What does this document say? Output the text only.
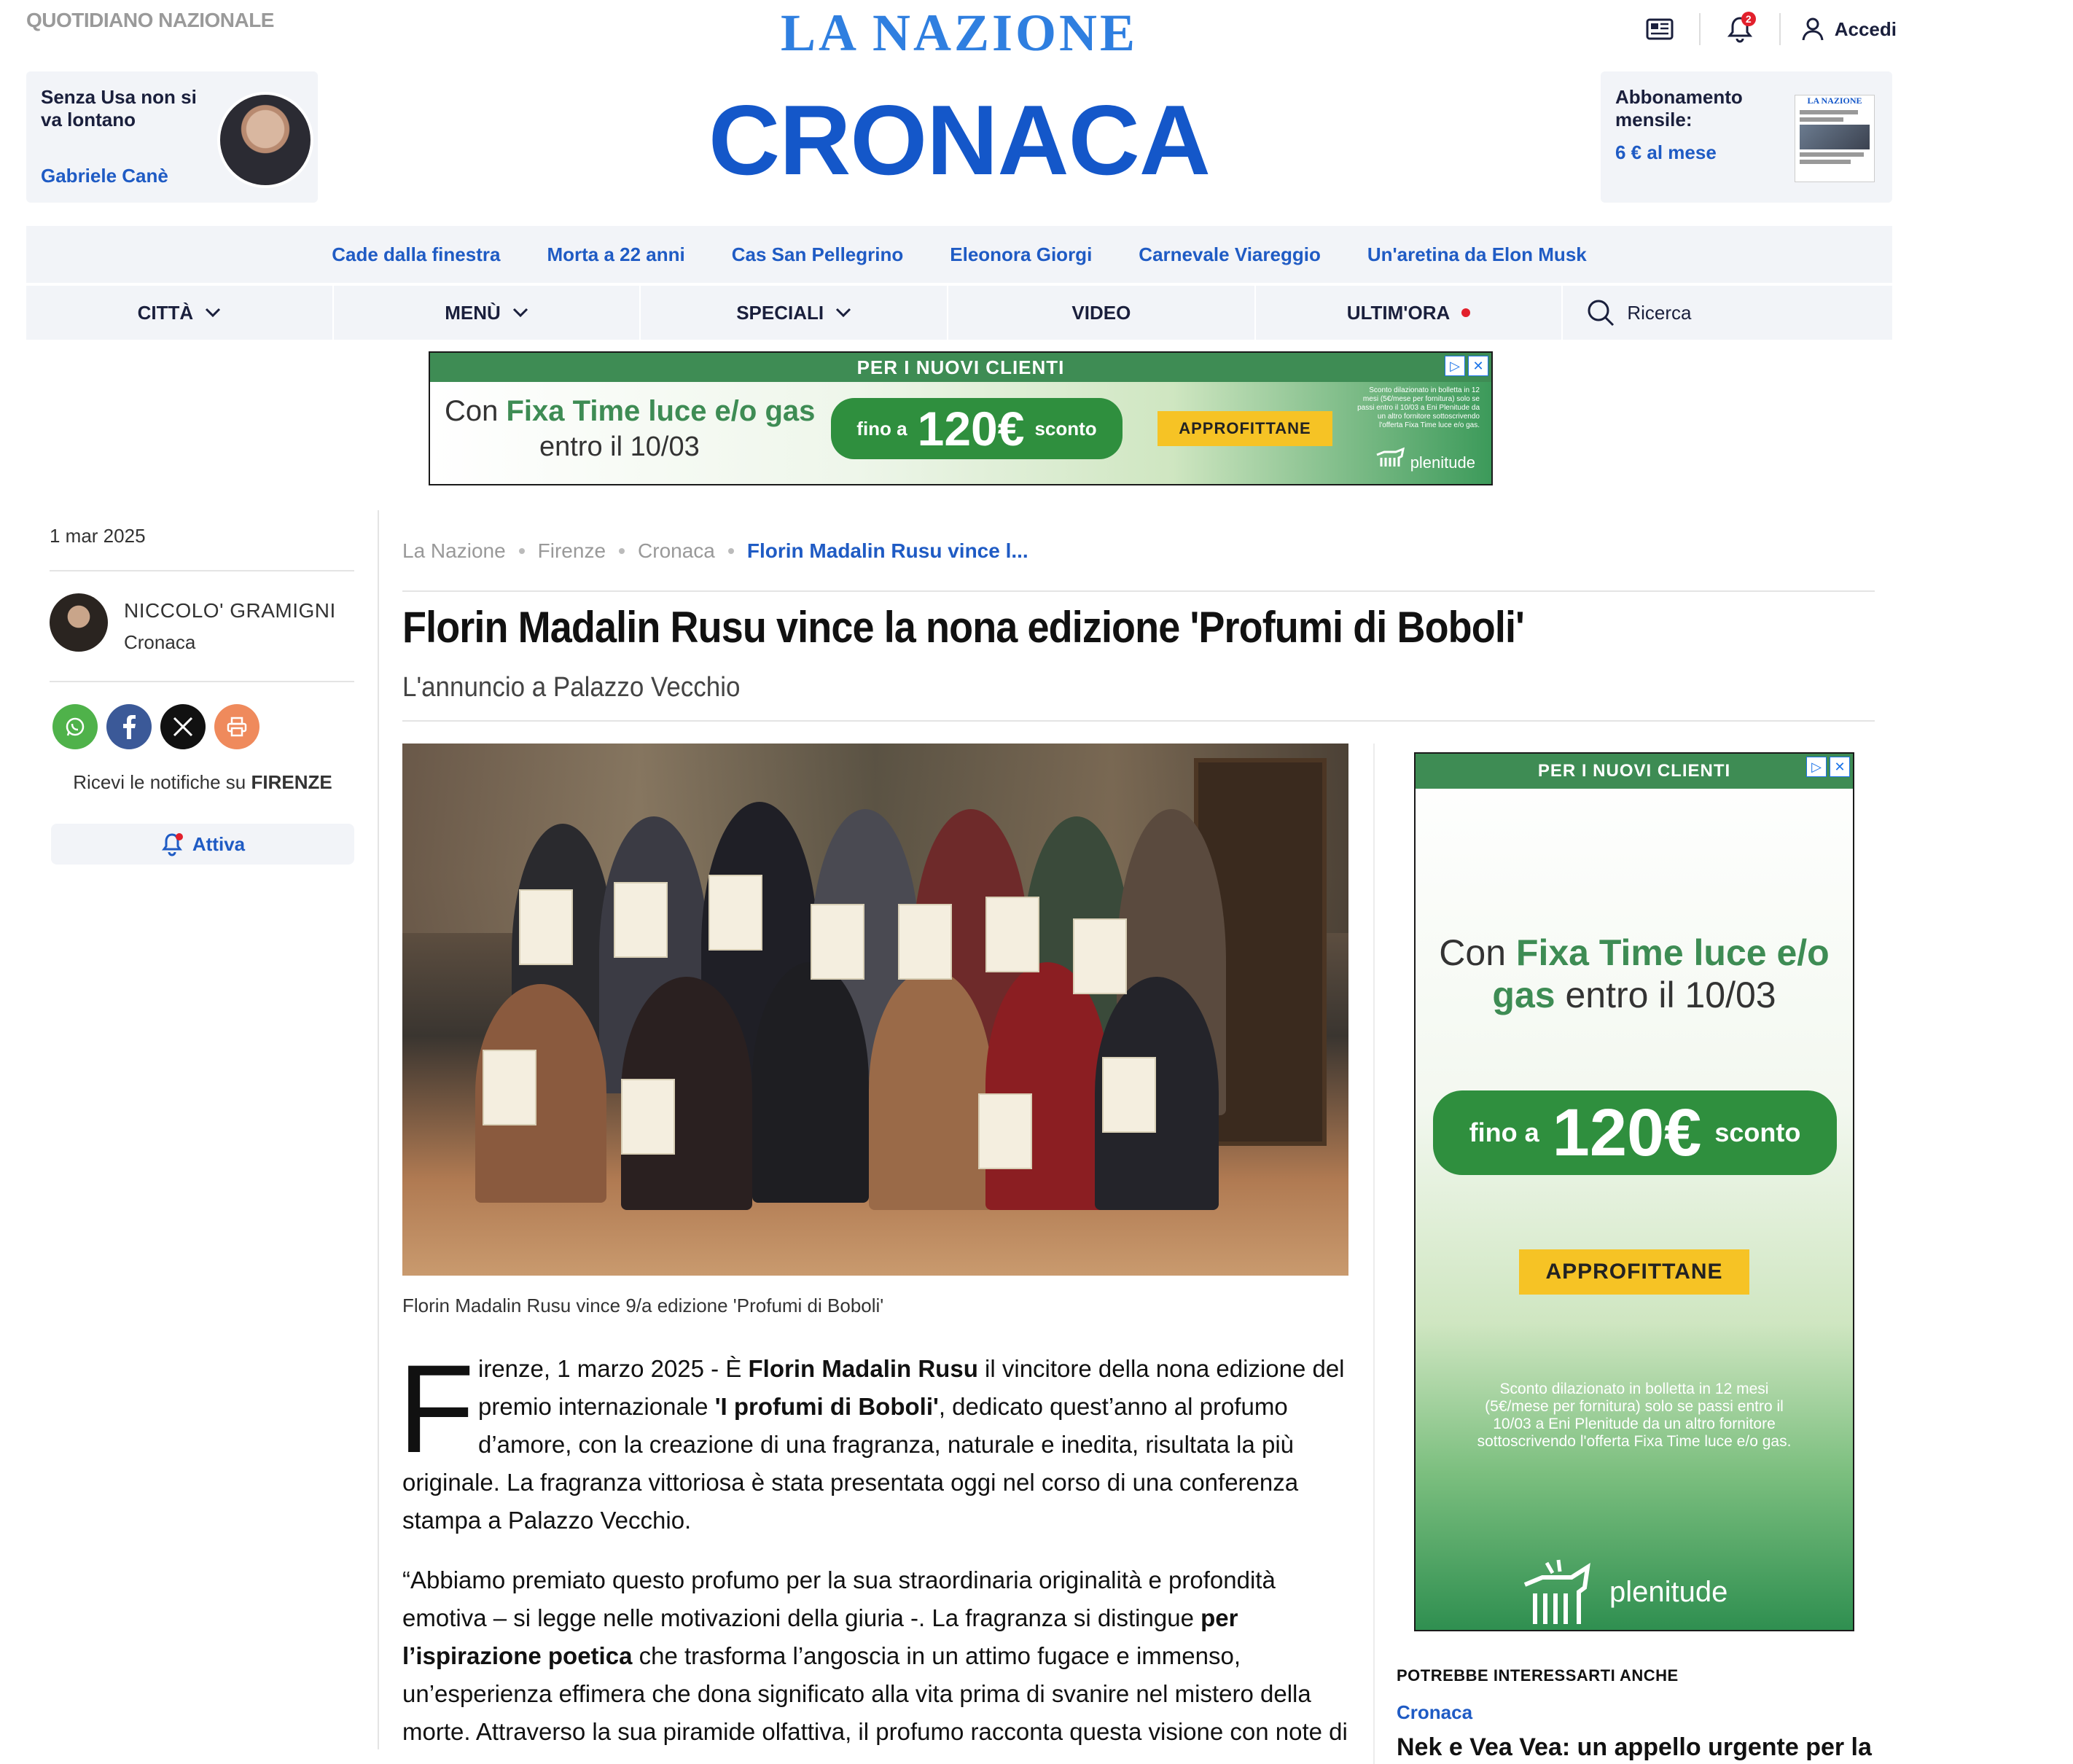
QUOTIDIANO NAZIONALE	LA NAZIONE
CRONACA
2	Accedi
Senza Usa non si va lontano
Gabriele Canè
Abbonamento mensile:
6 € al mese
LA NAZIONE
Cade dalla finestra Morta a 22 anni Cas San Pellegrino Eleonora Giorgi Carnevale Viareggio Un'aretina da Elon Musk
CITTÀ	MENÙ	SPECIALI	VIDEO	ULTIM'ORA	Ricerca
PER I NUOVI CLIENTI
Con Fixa Time luce e/o gas
entro il 10/03
fino a 120€ sconto	APPROFITTANE
Sconto dilazionato in bolletta in 12 mesi (5€/mese per fornitura) solo se passi entro il 10/03 a Eni Plenitude da un altro fornitore sottoscrivendo l'offerta Fixa Time luce e/o gas.
plenitude
▷ ✕
1 mar 2025
NICCOLO' GRAMIGNI
Cronaca
Ricevi le notifiche su FIRENZE
Attiva
La Nazione Firenze Cronaca Florin Madalin Rusu vince l...
Florin Madalin Rusu vince la nona edizione 'Profumi di Boboli'
L'annuncio a Palazzo Vecchio
Florin Madalin Rusu vince 9/a edizione 'Profumi di Boboli'
F irenze, 1 marzo 2025 - È Florin Madalin Rusu il vincitore della nona edizione del premio internazionale 'I profumi di Boboli', dedicato quest’anno al profumo d’amore, con la creazione di una fragranza, naturale e inedita, risultata la più
originale. La fragranza vittoriosa è stata presentata oggi nel corso di una conferenza stampa a Palazzo Vecchio.
“Abbiamo premiato questo profumo per la sua straordinaria originalità e profondità emotiva – si legge nelle motivazioni della giuria -. La fragranza si distingue per l’ispirazione poetica che trasforma l’angoscia in un attimo fugace e immenso, un’esperienza effimera che dona significato alla vita prima di svanire nel mistero della morte. Attraverso la sua piramide olfattiva, il profumo racconta questa visione con note di
PER I NUOVI CLIENTI
Con Fixa Time luce e/o
gas entro il 10/03
fino a 120€ sconto
APPROFITTANE
Sconto dilazionato in bolletta in 12 mesi (5€/mese per fornitura) solo se passi entro il 10/03 a Eni Plenitude da un altro fornitore sottoscrivendo l'offerta Fixa Time luce e/o gas.
plenitude
▷ ✕
POTREBBE INTERESSARTI ANCHE
Cronaca
Nek e Vea Vea: un appello urgente per la
